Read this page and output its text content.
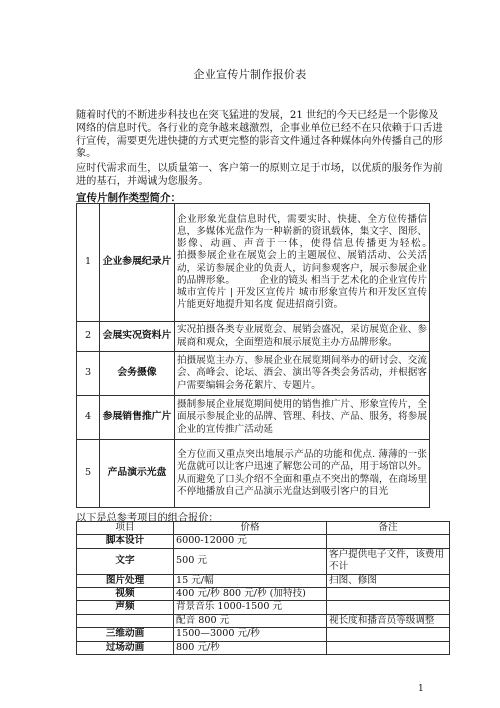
企业宣传片制作报价表

随着时代的不断进步科技也在突飞猛进的发展，21 世纪的今天已经是一个影像及网络的信息时代。各行业的竞争越来越激烈，企事业单位已经不在只依赖于口舌进行宣传，需要更先进快捷的方式更完整的影音文件通过各种媒体向外传播自己的形象。

应时代需求而生，以质量第一、客户第一的原则立足于市场，以优质的服务作为前进的基石，并竭诚为您服务。

宣传片制作类型简介：
1	企业参展纪录片	企业形象光盘信息时代，需要实时、快捷、全方位传播信息，多媒体光盘作为一种崭新的资讯载体，集文字、图形、影像、动画、声音于一体，使得信息传播更为轻松。　　　　　　拍摄参展企业在展览会上的主题展位、展销活动、公关活动，采访参展企业的负责人，访问参观客户，展示参展企业的品牌形象。　　　企业的镜头 相当于艺术化的企业宣传片城市宣传片 | 开发区宣传片 城市形象宣传片和开发区宣传片能更好地提升知名度 促进招商引资。
2	会展实况资料片	实况拍摄各类专业展览会、展销会盛况，采访展览企业、参展商和观众，全面塑造和展示展览主办方品牌形象。
3	会务摄像	拍摄展览主办方、参展企业在展览期间举办的研讨会、交流会、高峰会、论坛、酒会、演出等各类会务活动，并根据客户需要编辑会务花絮片、专题片。
4	参展销售推广片	摄制参展企业展览期间使用的销售推广片、形象宣传片，全面展示参展企业的品牌、管理、科技、产品、服务，将参展企业的宣传推广活动延
5	产品演示光盘	全方位而又重点突出地展示产品的功能和优点. 薄薄的一张光盘就可以让客户迅速了解您公司的产品，用于场馆以外。从而避免了口头介绍不全面和重点不突出的弊端，在商场里不停地播放自己产品演示光盘达到吸引客户的目光
以下是总参考项目的组合报价：
项目	价格	备注
脚本设计	6000-12000 元	
文字	500 元	客户提供电子文件，该费用不计
图片处理	15 元/幅	扫图、修图
视频	400 元/秒 800 元/秒 (加特技)	
声频	背景音乐 1000-1500 元	
	配音 800 元	视长度和播音员等级调整
三维动画	1500—3000 元/秒	
过场动画	800 元/秒	
1
